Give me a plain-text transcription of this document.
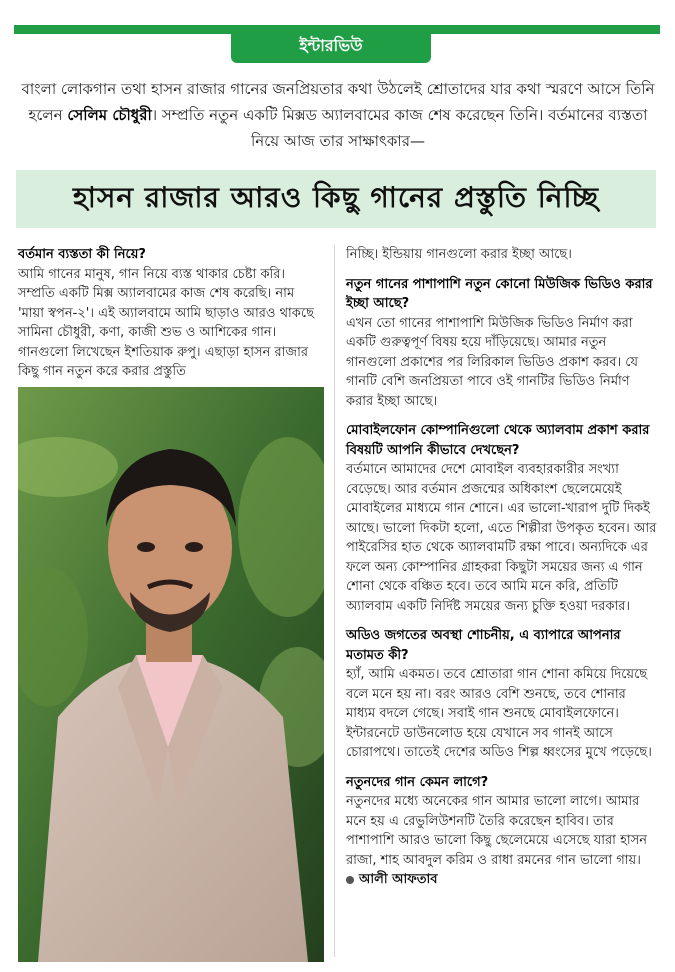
ইন্টারভিউ
বাংলা লোকগান তথা হাসন রাজার গানের জনপ্রিয়তার কথা উঠলেই শ্রোতাদের যার কথা স্মরণে আসে তিনি হলেন সেলিম চৌধুরী। সম্প্রতি নতুন একটি মিক্সড অ্যালবামের কাজ শেষ করেছেন তিনি। বর্তমানের ব্যস্ততা নিয়ে আজ তার সাক্ষাৎকার—
হাসন রাজার আরও কিছু গানের প্রস্তুতি নিচ্ছি
বর্তমান ব্যস্ততা কী নিয়ে?
আমি গানের মানুষ, গান নিয়ে ব্যস্ত থাকার চেষ্টা করি। সম্প্রতি একটি মিক্স অ্যালবামের কাজ শেষ করেছি। নাম 'মায়া স্বপন-২'। এই অ্যালবামে আমি ছাড়াও আরও থাকছে সামিনা চৌধুরী, কণা, কাজী শুভ ও আশিকের গান। গানগুলো লিখেছেন ইশতিয়াক রুপু। এছাড়া হাসন রাজার কিছু গান নতুন করে করার প্রস্তুতি
নিচ্ছি। ইন্ডিয়ায় গানগুলো করার ইচ্ছা আছে।
নতুন গানের পাশাপাশি নতুন কোনো মিউজিক ভিডিও করার ইচ্ছা আছে?
এখন তো গানের পাশাপাশি মিউজিক ভিডিও নির্মাণ করা একটি গুরুত্বপূর্ণ বিষয় হয়ে দাঁড়িয়েছে। আমার নতুন গানগুলো প্রকাশের পর লিরিকাল ভিডিও প্রকাশ করব। যে গানটি বেশি জনপ্রিয়তা পাবে ওই গানটির ভিডিও নির্মাণ করার ইচ্ছা আছে।
মোবাইলফোন কোম্পানিগুলো থেকে অ্যালবাম প্রকাশ করার বিষয়টি আপনি কীভাবে দেখছেন?
বর্তমানে আমাদের দেশে মোবাইল ব্যবহারকারীর সংখ্যা বেড়েছে। আর বর্তমান প্রজন্মের অধিকাংশ ছেলেমেয়েই মোবাইলের মাধ্যমে গান শোনে। এর ভালো-খারাপ দুটি দিকই আছে। ভালো দিকটা হলো, এতে শিল্পীরা উপকৃত হবেন। আর পাইরেসির হাত থেকে অ্যালবামটি রক্ষা পাবে। অন্যদিকে এর ফলে অন্য কোম্পানির গ্রাহকরা কিছুটা সময়ের জন্য এ গান শোনা থেকে বঞ্চিত হবে। তবে আমি মনে করি, প্রতিটি অ্যালবাম একটি নির্দিষ্ট সময়ের জন্য চুক্তি হওয়া দরকার।
অডিও জগতের অবস্থা শোচনীয়, এ ব্যাপারে আপনার মতামত কী?
হ্যাঁ, আমি একমত। তবে শ্রোতারা গান শোনা কমিয়ে দিয়েছে বলে মনে হয় না। বরং আরও বেশি শুনছে, তবে শোনার মাধ্যম বদলে গেছে। সবাই গান শুনছে মোবাইলফোনে। ইন্টারনেটে ডাউনলোড হয়ে যেখানে সব গানই আসে চোরাপথে। তাতেই দেশের অডিও শিল্প ধ্বংসের মুখে পড়েছে।
নতুনদের গান কেমন লাগে?
নতুনদের মধ্যে অনেকের গান আমার ভালো লাগে। আমার মনে হয় এ রেভুলিউশনটি তৈরি করেছেন হাবিব। তার পাশাপাশি আরও ভালো কিছু ছেলেমেয়ে এসেছে যারা হাসন রাজা, শাহ আবদুল করিম ও রাধা রমনের গান ভালো গায়।
আলী আফতাব
